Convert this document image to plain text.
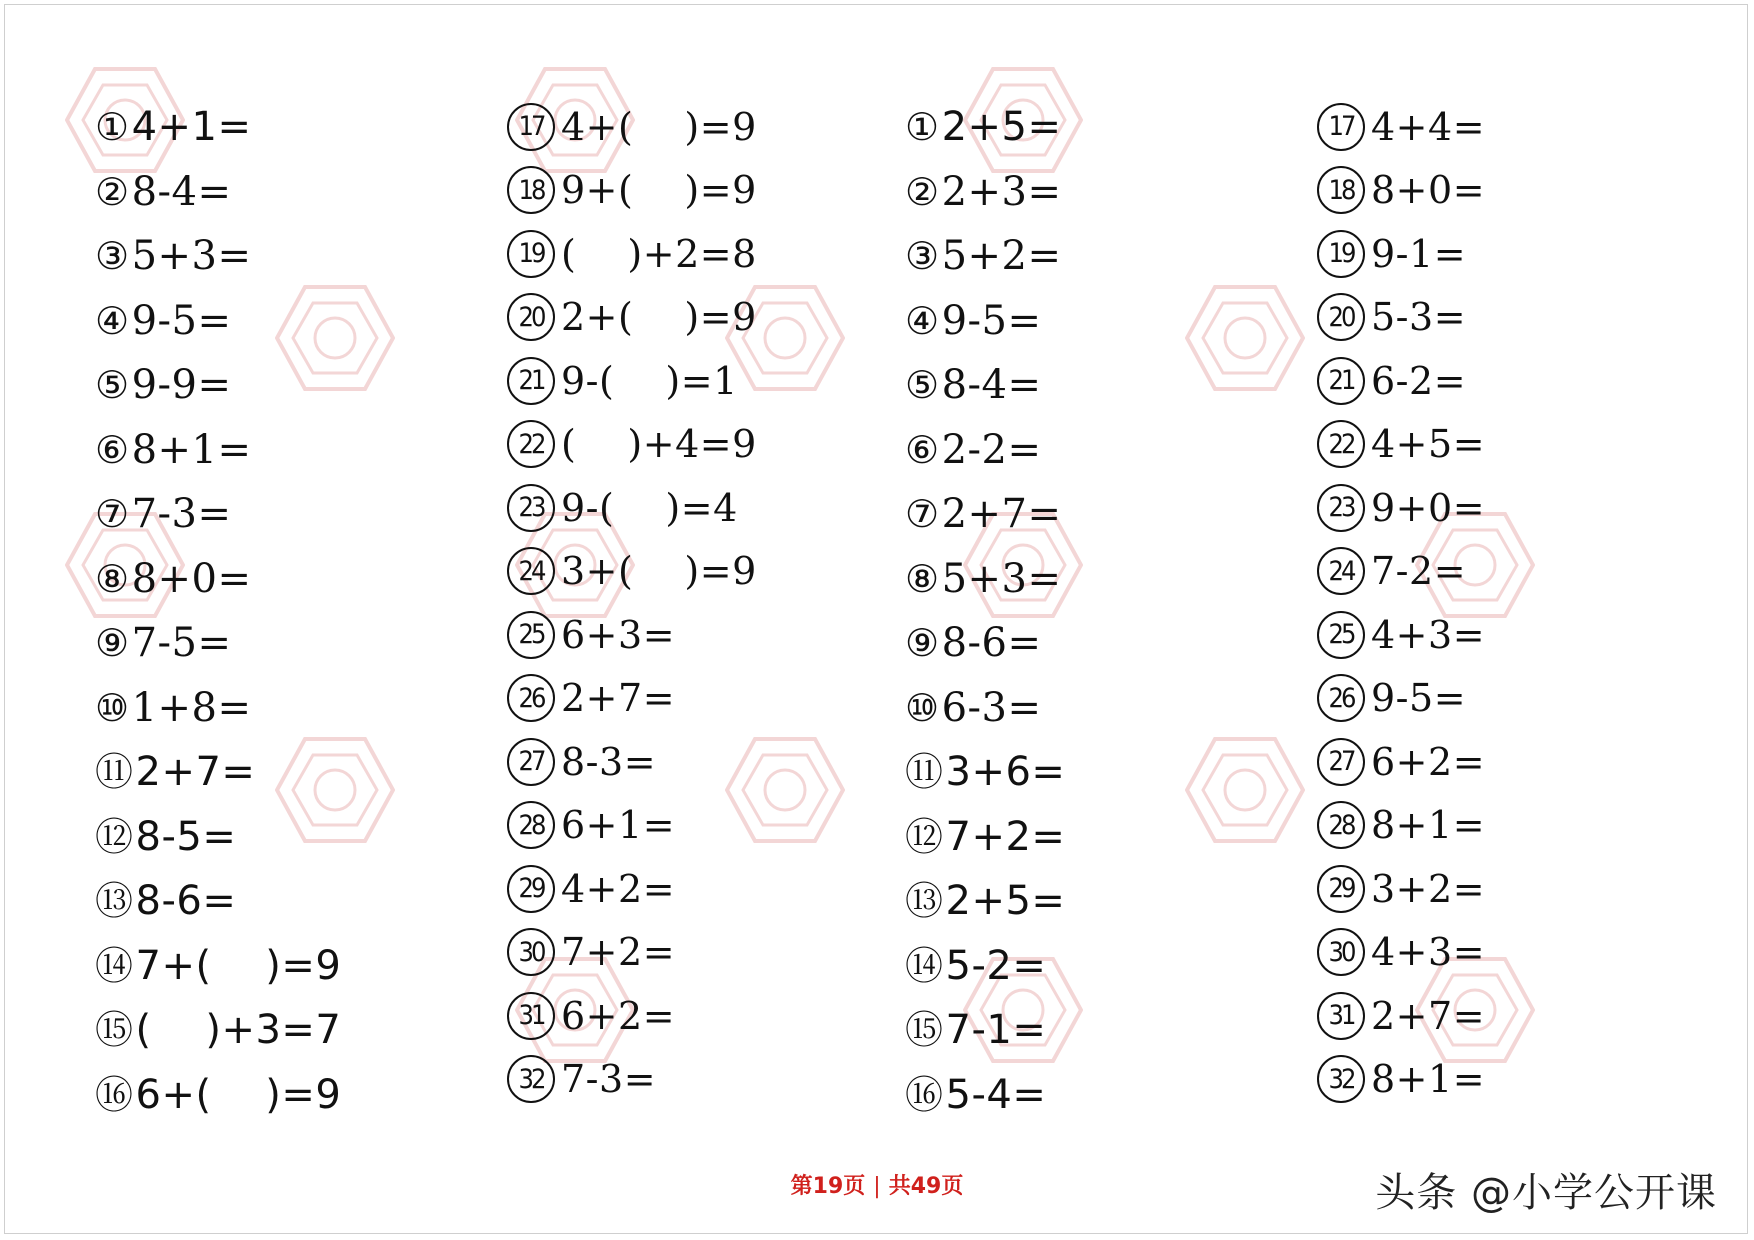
① 4+1=
② 8-4=
③ 5+3=
④ 9-5=
⑤ 9-9=
⑥ 8+1=
⑦ 7-3=
⑧ 8+0=
⑨ 7-5=
⑩ 1+8=
⑪ 2+7=
⑫ 8-5=
⑬ 8-6=
⑭ 7+(　 )=9
⑮ (　 )+3=7
⑯ 6+(　 )=9
17 4+(　 )=9
18 9+(　 )=9
19 (　 )+2=8
20 2+(　 )=9
21 9-(　 )=1
22 (　 )+4=9
23 9-(　 )=4
24 3+(　 )=9
25 6+3=
26 2+7=
27 8-3=
28 6+1=
29 4+2=
30 7+2=
31 6+2=
32 7-3=
① 2+5=
② 2+3=
③ 5+2=
④ 9-5=
⑤ 8-4=
⑥ 2-2=
⑦ 2+7=
⑧ 5+3=
⑨ 8-6=
⑩ 6-3=
⑪ 3+6=
⑫ 7+2=
⑬ 2+5=
⑭ 5-2=
⑮ 7-1=
⑯ 5-4=
17 4+4=
18 8+0=
19 9-1=
20 5-3=
21 6-2=
22 4+5=
23 9+0=
24 7-2=
25 4+3=
26 9-5=
27 6+2=
28 8+1=
29 3+2=
30 4+3=
31 2+7=
32 8+1=
第19页 | 共49页	头条 @小学公开课
